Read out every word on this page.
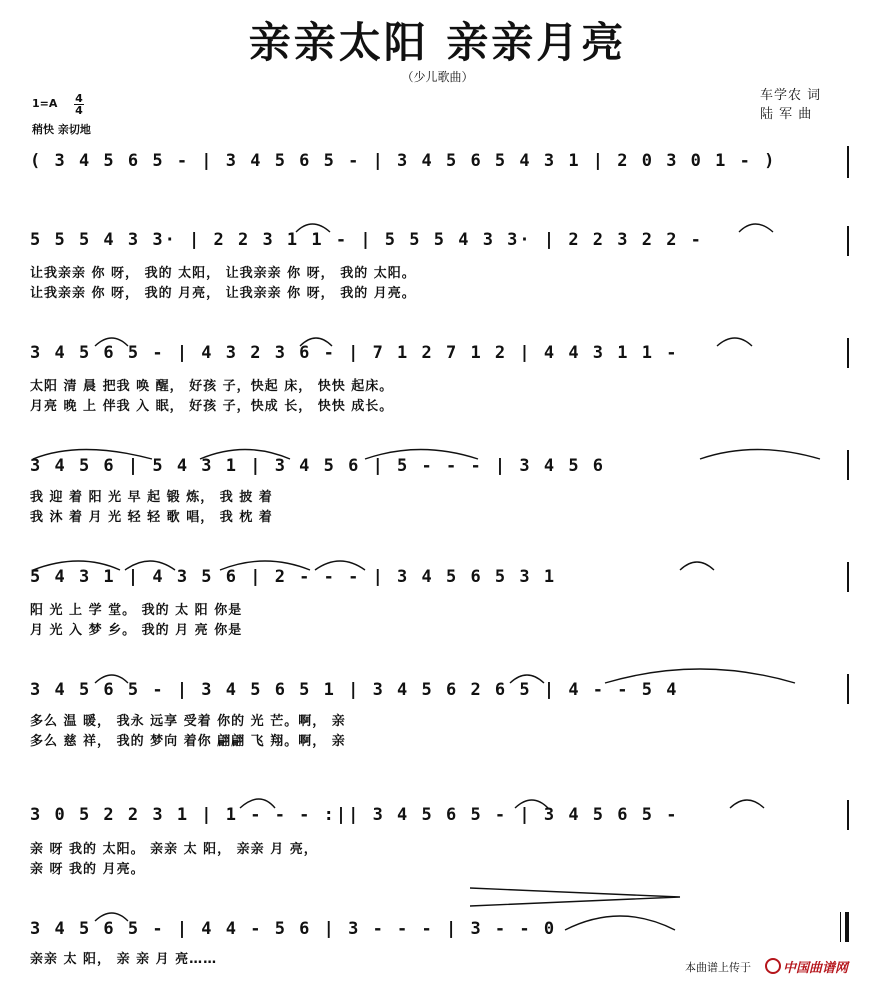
亲亲太阳 亲亲月亮
（少儿歌曲）
车学农 词
陆 军 曲
1=A 4
4
稍快 亲切地
( 3 4 5 6 5 - | 3 4 5 6 5 - | 3 4 5 6 5 4 3 1 | 2 0 3 0 1 - )
5 5 5 4 3 3· | 2 2 3 1 1 - | 5 5 5 4 3 3· | 2 2 3 2 2 -
让我亲亲 你 呀， 我的 太阳， 让我亲亲 你 呀， 我的 太阳。
让我亲亲 你 呀， 我的 月亮， 让我亲亲 你 呀， 我的 月亮。
3 4 5 6 5 - | 4 3 2 3 6 - | 7 1 2 7 1 2 | 4 4 3 1 1 -
太阳 清 晨 把我 唤 醒， 好孩 子，快起 床， 快快 起床。
月亮 晚 上 伴我 入 眠， 好孩 子，快成 长， 快快 成长。
3 4 5 6 | 5 4 3 1 | 3 4 5 6 | 5 - - - | 3 4 5 6
我 迎 着 阳 光 早 起 锻 炼， 我 披 着
我 沐 着 月 光 轻 轻 歌 唱， 我 枕 着
5 4 3 1 | 4 3 5 6 | 2 - - - | 3 4 5 6 5 3 1
阳 光 上 学 堂。 我的 太 阳 你是
月 光 入 梦 乡。 我的 月 亮 你是
3 4 5 6 5 - | 3 4 5 6 5 1 | 3 4 5 6 2 6 5 | 4 - - 5 4
多么 温 暖， 我永 远享 受着 你的 光 芒。啊， 亲
多么 慈 祥， 我的 梦向 着你 翩翩 飞 翔。啊， 亲
3 0 5 2 2 3 1 | 1 - - - :|| 3 4 5 6 5 - | 3 4 5 6 5 -
亲 呀 我的 太阳。 亲亲 太 阳， 亲亲 月 亮，
亲 呀 我的 月亮。
3 4 5 6 5 - | 4 4 - 5 6 | 3 - - - | 3 - - 0
亲亲 太 阳， 亲 亲 月 亮……
本曲谱上传于	中国曲谱网
